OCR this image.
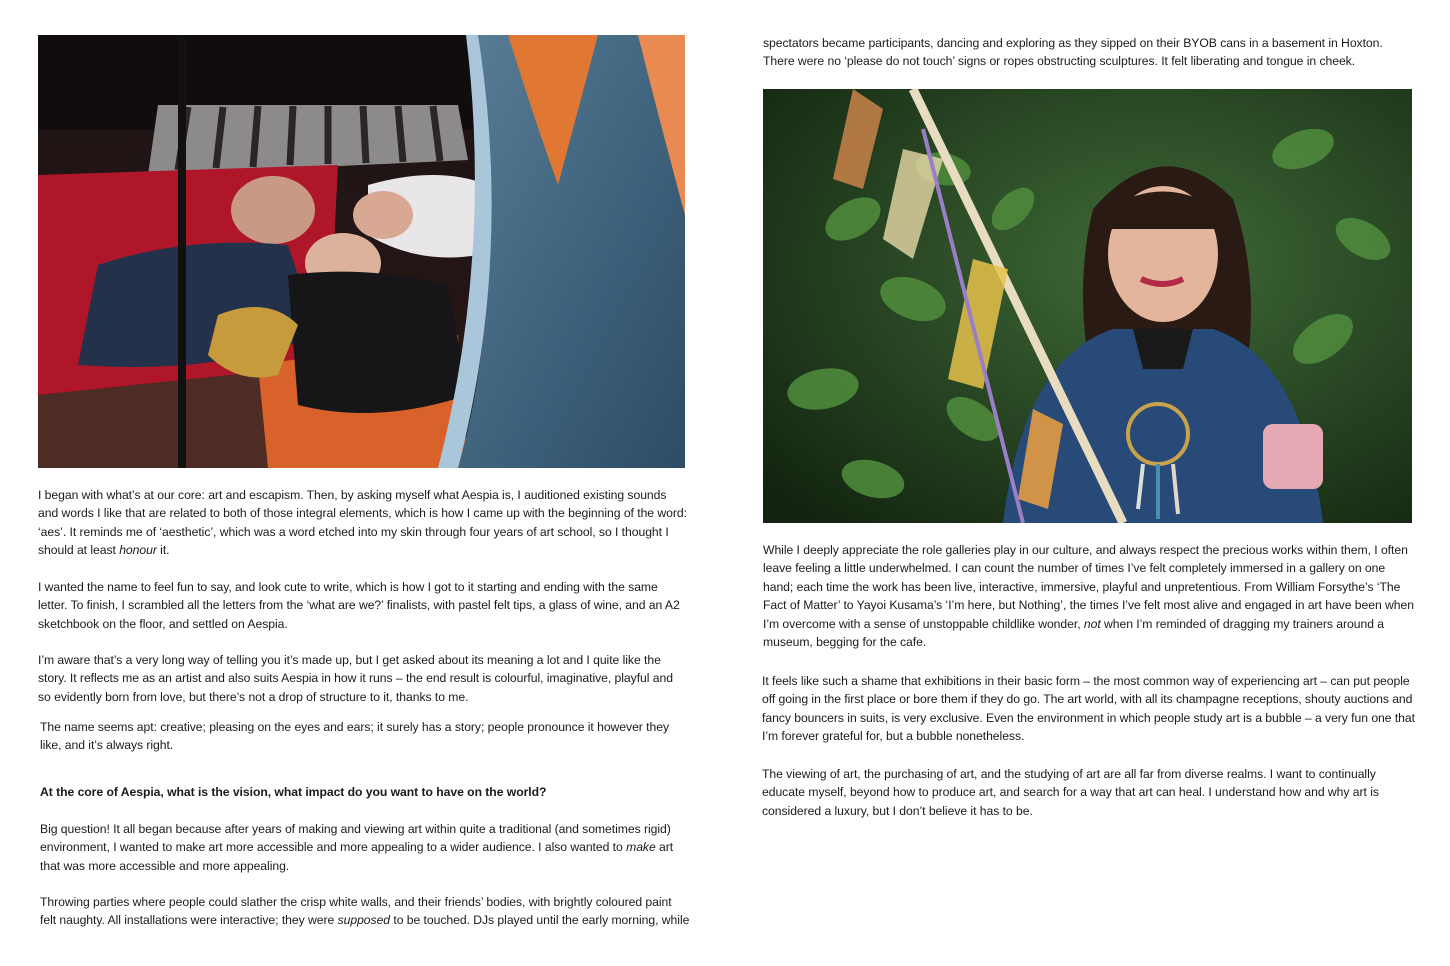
I began with what’s at our core: art and escapism. Then, by asking myself what Aespia is, I auditioned existing sounds and words I like that are related to both of those integral elements, which is how I came up with the beginning of the word: ‘aes’. It reminds me of ‘aesthetic’, which was a word etched into my skin through four years of art school, so I thought I should at least honour it.

I wanted the name to feel fun to say, and look cute to write, which is how I got to it starting and ending with the same letter. To finish, I scrambled all the letters from the ‘what are we?’ finalists, with pastel felt tips, a glass of wine, and an A2 sketchbook on the floor, and settled on Aespia.

I’m aware that’s a very long way of telling you it’s made up, but I get asked about its meaning a lot and I quite like the story. It reflects me as an artist and also suits Aespia in how it runs – the end result is colourful, imaginative, playful and so evidently born from love, but there’s not a drop of structure to it, thanks to me.

The name seems apt: creative; pleasing on the eyes and ears; it surely has a story; people pronounce it however they like, and it’s always right.

At the core of Aespia, what is the vision, what impact do you want to have on the world?

Big question! It all began because after years of making and viewing art within quite a traditional (and sometimes rigid) environment, I wanted to make art more accessible and more appealing to a wider audience. I also wanted to make art that was more accessible and more appealing.

Throwing parties where people could slather the crisp white walls, and their friends’ bodies, with brightly coloured paint felt naughty. All installations were interactive; they were supposed to be touched. DJs played until the early morning, while

spectators became participants, dancing and exploring as they sipped on their BYOB cans in a basement in Hoxton. There were no ‘please do not touch’ signs or ropes obstructing sculptures. It felt liberating and tongue in cheek.

While I deeply appreciate the role galleries play in our culture, and always respect the precious works within them, I often leave feeling a little underwhelmed. I can count the number of times I’ve felt completely immersed in a gallery on one hand; each time the work has been live, interactive, immersive, playful and unpretentious. From William Forsythe’s ‘The Fact of Matter’ to Yayoi Kusama’s ‘I’m here, but Nothing’, the times I’ve felt most alive and engaged in art have been when I’m overcome with a sense of unstoppable childlike wonder, not when I’m reminded of dragging my trainers around a museum, begging for the cafe.

It feels like such a shame that exhibitions in their basic form – the most common way of experiencing art – can put people off going in the first place or bore them if they do go. The art world, with all its champagne receptions, shouty auctions and fancy bouncers in suits, is very exclusive. Even the environment in which people study art is a bubble – a very fun one that I’m forever grateful for, but a bubble nonetheless.

The viewing of art, the purchasing of art, and the studying of art are all far from diverse realms. I want to continually educate myself, beyond how to produce art, and search for a way that art can heal. I understand how and why art is considered a luxury, but I don’t believe it has to be.
